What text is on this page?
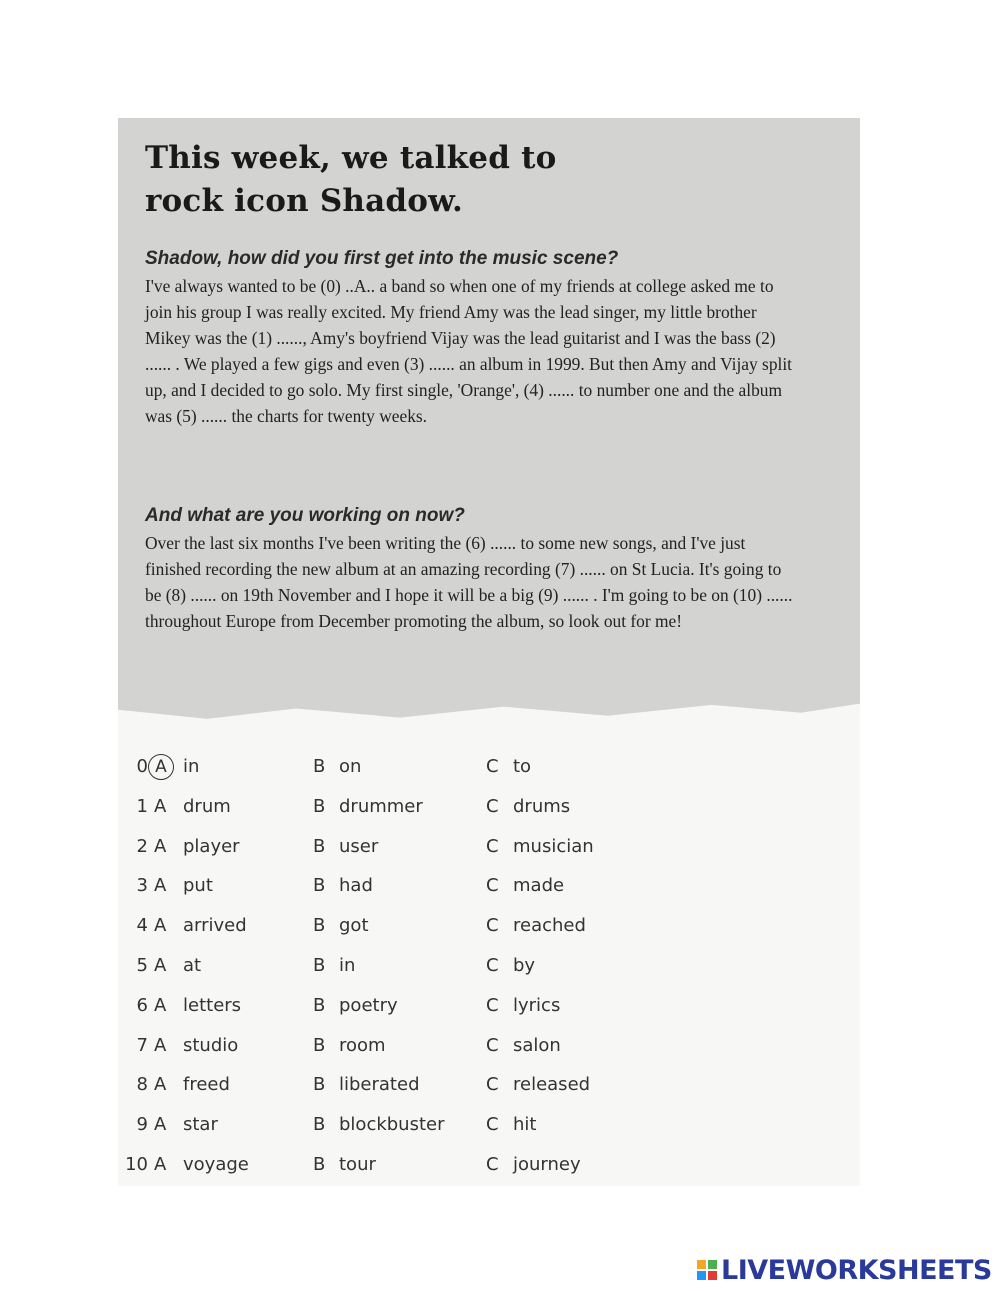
This week, we talked to
rock icon Shadow.
Shadow, how did you first get into the music scene?

I've always wanted to be (0) ..A.. a band so when one of my friends at college asked me to join his group I was really excited. My friend Amy was the lead singer, my little brother Mikey was the (1) ......, Amy's boyfriend Vijay was the lead guitarist and I was the bass (2) ...... . We played a few gigs and even (3) ...... an album in 1999. But then Amy and Vijay split up, and I decided to go solo. My first single, 'Orange', (4) ...... to number one and the album was (5) ...... the charts for twenty weeks.

And what are you working on now?

Over the last six months I've been writing the (6) ...... to some new songs, and I've just finished recording the new album at an amazing recording (7) ...... on St Lucia. It's going to be (8) ...... on 19th November and I hope it will be a big (9) ...... . I'm going to be on (10) ...... throughout Europe from December promoting the album, so look out for me!

0 A in	B on	C to
1 A drum	B drummer	C drums
2 A player	B user	C musician
3 A put	B had	C made
4 A arrived	B got	C reached
5 A at	B in	C by
6 A letters	B poetry	C lyrics
7 A studio	B room	C salon
8 A freed	B liberated	C released
9 A star	B blockbuster C hit
10 A voyage	B tour	C journey
LIVEWORKSHEETS
